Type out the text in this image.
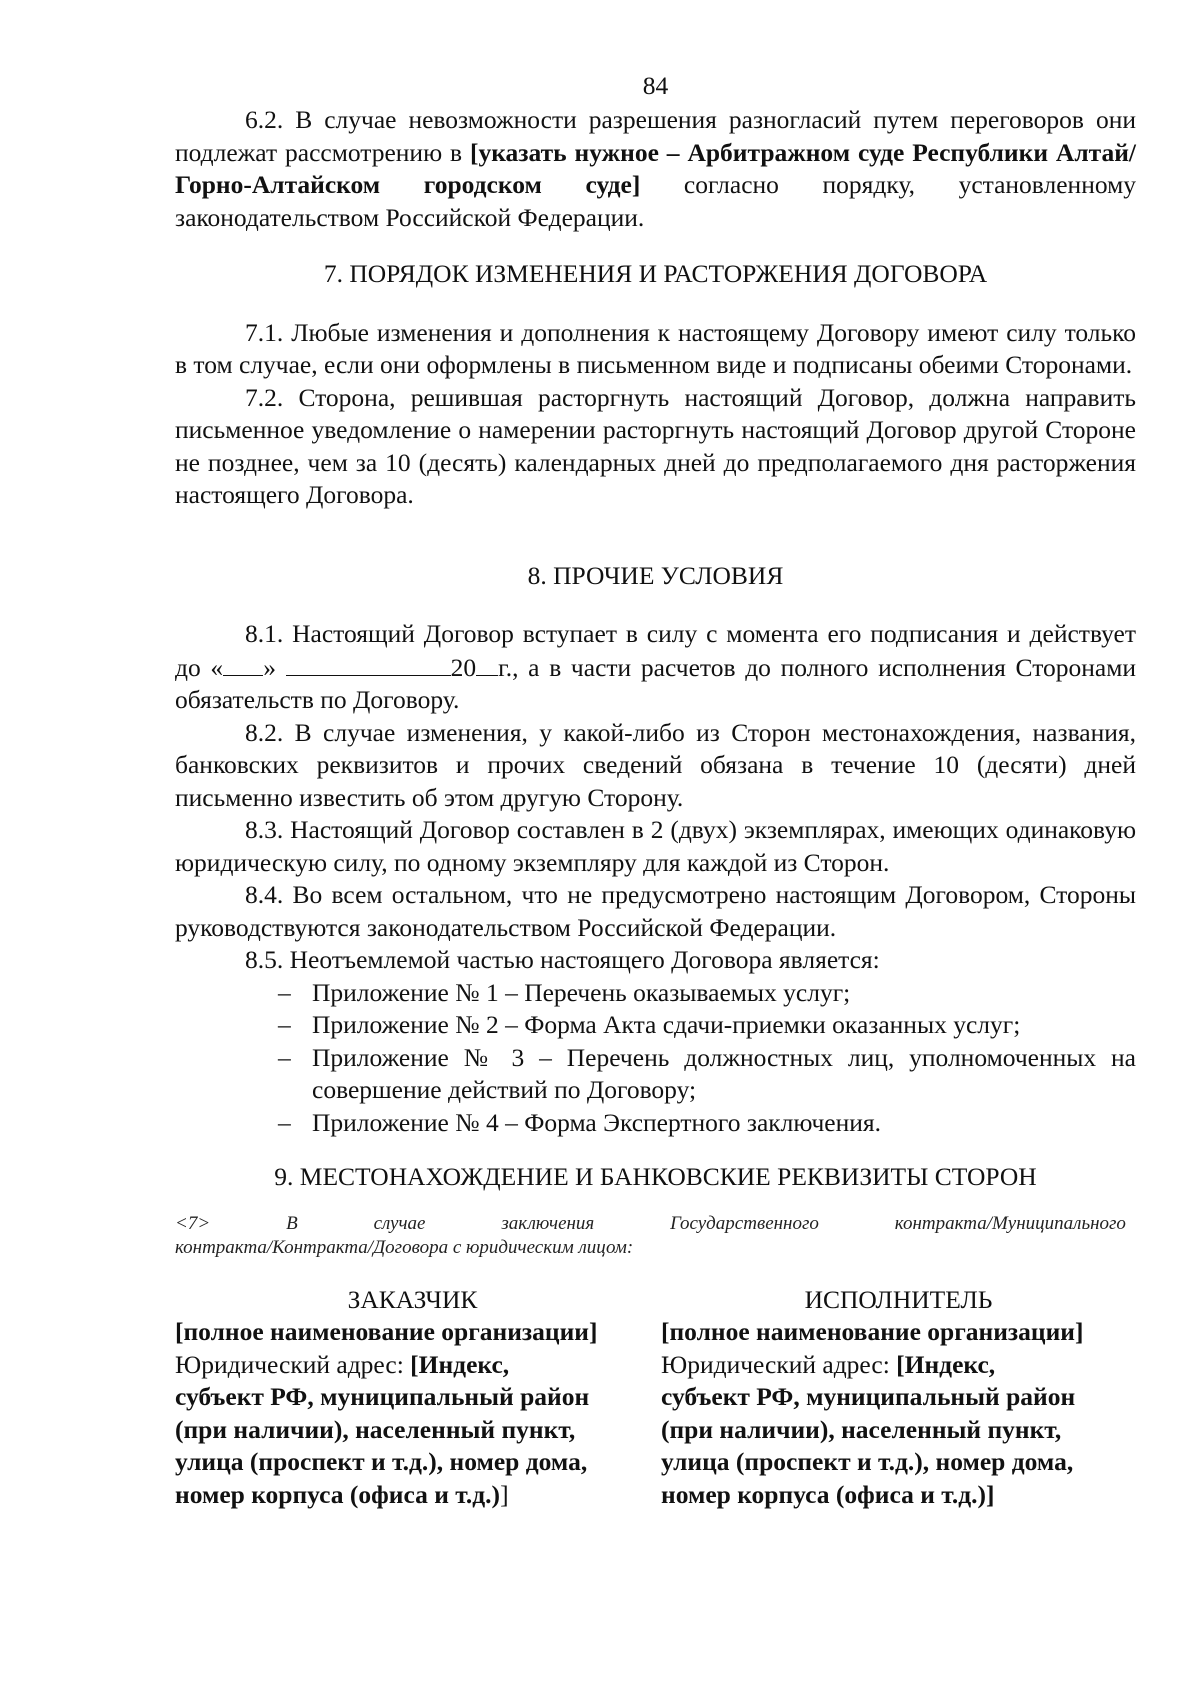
84

6.2. В случае невозможности разрешения разногласий путем переговоров они подлежат рассмотрению в [указать нужное – Арбитражном суде Республики Алтай/Горно-Алтайском городском суде] согласно порядку, установленному законодательством Российской Федерации.

7. ПОРЯДОК ИЗМЕНЕНИЯ И РАСТОРЖЕНИЯ ДОГОВОРА

7.1. Любые изменения и дополнения к настоящему Договору имеют силу только в том случае, если они оформлены в письменном виде и подписаны обеими Сторонами.

7.2. Сторона, решившая расторгнуть настоящий Договор, должна направить письменное уведомление о намерении расторгнуть настоящий Договор другой Стороне не позднее, чем за 10 (десять) календарных дней до предполагаемого дня расторжения настоящего Договора.

8. ПРОЧИЕ УСЛОВИЯ

8.1. Настоящий Договор вступает в силу с момента его подписания и действует до « »	20 г., а в части расчетов до полного исполнения Сторонами обязательств по Договору.

8.2. В случае изменения, у какой-либо из Сторон местонахождения, названия, банковских реквизитов и прочих сведений обязана в течение 10 (десяти) дней письменно известить об этом другую Сторону.

8.3. Настоящий Договор составлен в 2 (двух) экземплярах, имеющих одинаковую юридическую силу, по одному экземпляру для каждой из Сторон.

8.4. Во всем остальном, что не предусмотрено настоящим Договором, Стороны руководствуются законодательством Российской Федерации.

8.5. Неотъемлемой частью настоящего Договора является:

– Приложение № 1 – Перечень оказываемых услуг;
– Приложение № 2 – Форма Акта сдачи-приемки оказанных услуг;
– Приложение № 3 – Перечень должностных лиц, уполномоченных на совершение действий по Договору;
– Приложение № 4 – Форма Экспертного заключения.

9. МЕСТОНАХОЖДЕНИЕ И БАНКОВСКИЕ РЕКВИЗИТЫ СТОРОН

<7>	В	случае	заключения	Государственного	контракта/Муниципального
контракта/Контракта/Договора с юридическим лицом:

ЗАКАЗЧИК

[полное наименование организации]
Юридический адрес: [Индекс,
субъект РФ, муниципальный район
(при наличии), населенный пункт,
улица (проспект и т.д.), номер дома,
номер корпуса (офиса и т.д.)]

ИСПОЛНИТЕЛЬ

[полное наименование организации]
Юридический адрес: [Индекс,
субъект РФ, муниципальный район
(при наличии), населенный пункт,
улица (проспект и т.д.), номер дома,
номер корпуса (офиса и т.д.)]
